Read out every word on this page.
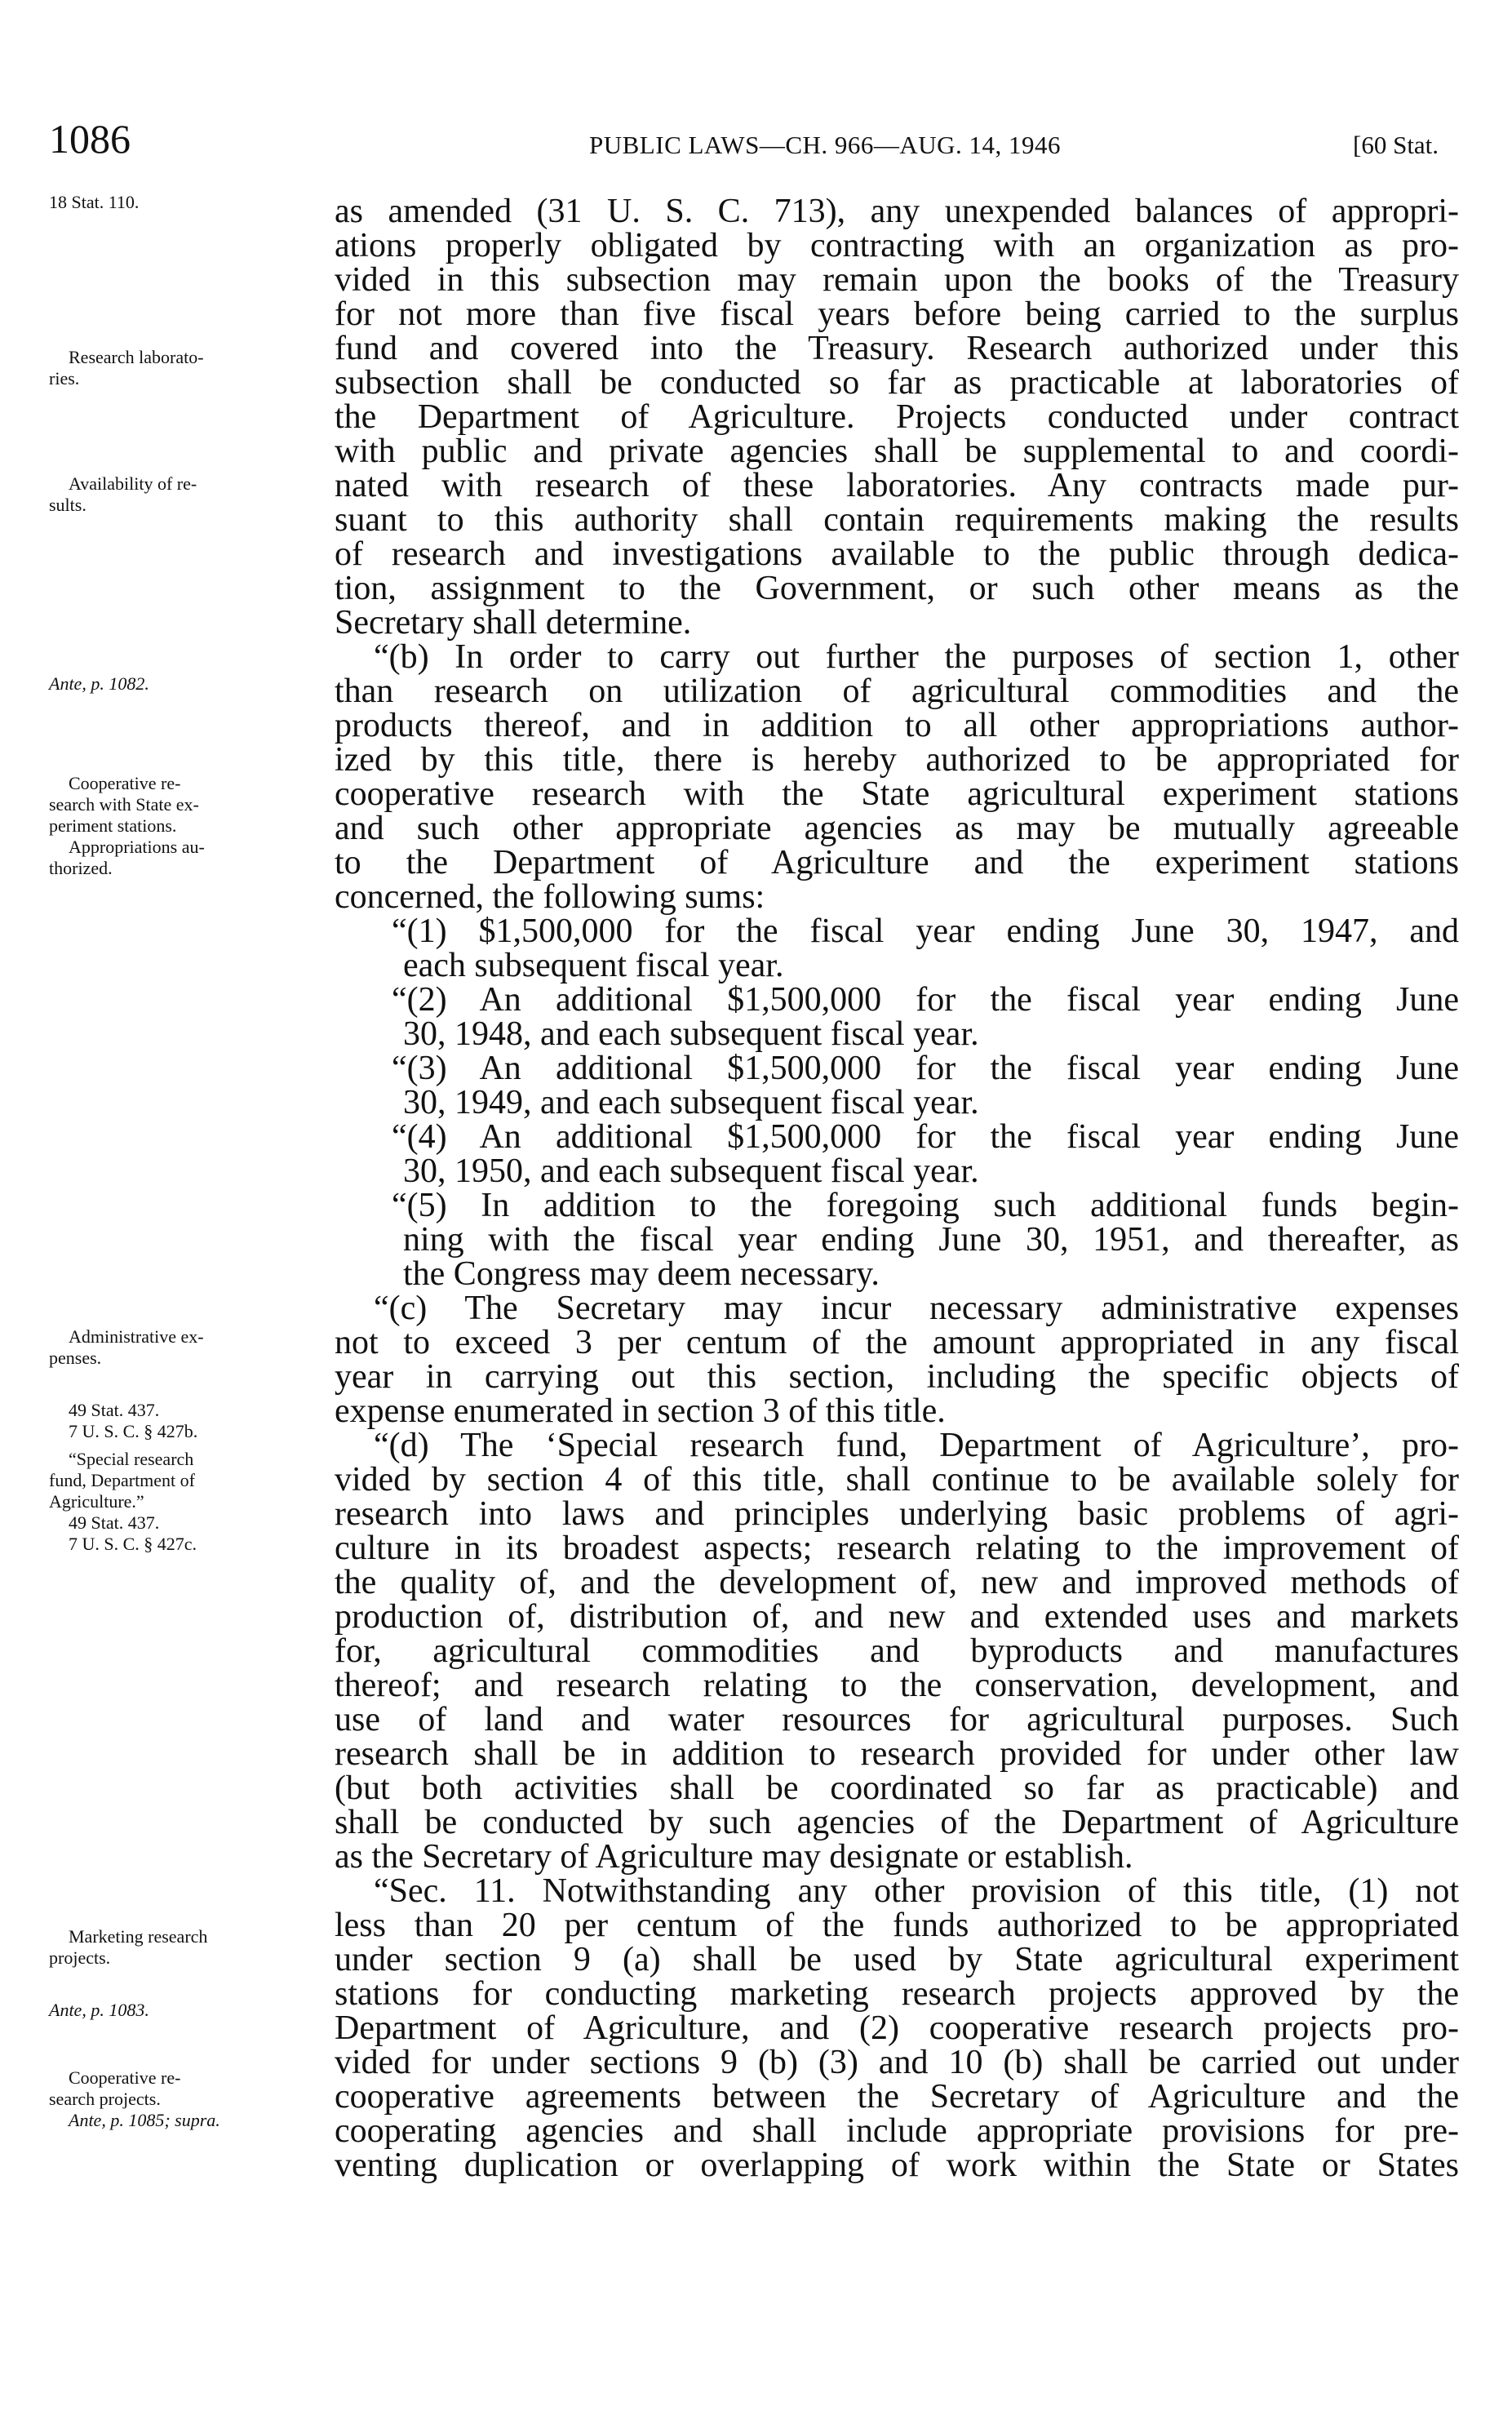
1086	PUBLIC LAWS—CH. 966—AUG. 14, 1946	[60 Stat.
18 Stat. 110.
Research laborato-
ries.
Availability of re-
sults.
Ante, p. 1082.
Cooperative re-
search with State ex-
periment stations.
Appropriations au-
thorized.
Administrative ex-
penses.
49 Stat. 437.
7 U. S. C. § 427b.
“Special research
fund, Department of
Agriculture.”
49 Stat. 437.
7 U. S. C. § 427c.
Marketing research
projects.
Ante, p. 1083.
Cooperative re-
search projects.
Ante, p. 1085; supra.
as amended (31 U. S. C. 713), any unexpended balances of appropri-
ations properly obligated by contracting with an organization as pro-
vided in this subsection may remain upon the books of the Treasury
for not more than five fiscal years before being carried to the surplus
fund and covered into the Treasury. Research authorized under this
subsection shall be conducted so far as practicable at laboratories of
the Department of Agriculture. Projects conducted under contract
with public and private agencies shall be supplemental to and coordi-
nated with research of these laboratories. Any contracts made pur-
suant to this authority shall contain requirements making the results
of research and investigations available to the public through dedica-
tion, assignment to the Government, or such other means as the
Secretary shall determine.
“(b) In order to carry out further the purposes of section 1, other
than research on utilization of agricultural commodities and the
products thereof, and in addition to all other appropriations author-
ized by this title, there is hereby authorized to be appropriated for
cooperative research with the State agricultural experiment stations
and such other appropriate agencies as may be mutually agreeable
to the Department of Agriculture and the experiment stations
concerned, the following sums:
“(1) $1,500,000 for the fiscal year ending June 30, 1947, and
each subsequent fiscal year.
“(2) An additional $1,500,000 for the fiscal year ending June
30, 1948, and each subsequent fiscal year.
“(3) An additional $1,500,000 for the fiscal year ending June
30, 1949, and each subsequent fiscal year.
“(4) An additional $1,500,000 for the fiscal year ending June
30, 1950, and each subsequent fiscal year.
“(5) In addition to the foregoing such additional funds begin-
ning with the fiscal year ending June 30, 1951, and thereafter, as
the Congress may deem necessary.
“(c) The Secretary may incur necessary administrative expenses
not to exceed 3 per centum of the amount appropriated in any fiscal
year in carrying out this section, including the specific objects of
expense enumerated in section 3 of this title.
“(d) The ‘Special research fund, Department of Agriculture’, pro-
vided by section 4 of this title, shall continue to be available solely for
research into laws and principles underlying basic problems of agri-
culture in its broadest aspects; research relating to the improvement of
the quality of, and the development of, new and improved methods of
production of, distribution of, and new and extended uses and markets
for, agricultural commodities and byproducts and manufactures
thereof; and research relating to the conservation, development, and
use of land and water resources for agricultural purposes. Such
research shall be in addition to research provided for under other law
(but both activities shall be coordinated so far as practicable) and
shall be conducted by such agencies of the Department of Agriculture
as the Secretary of Agriculture may designate or establish.
“Sec. 11. Notwithstanding any other provision of this title, (1) not
less than 20 per centum of the funds authorized to be appropriated
under section 9 (a) shall be used by State agricultural experiment
stations for conducting marketing research projects approved by the
Department of Agriculture, and (2) cooperative research projects pro-
vided for under sections 9 (b) (3) and 10 (b) shall be carried out under
cooperative agreements between the Secretary of Agriculture and the
cooperating agencies and shall include appropriate provisions for pre-
venting duplication or overlapping of work within the State or States
